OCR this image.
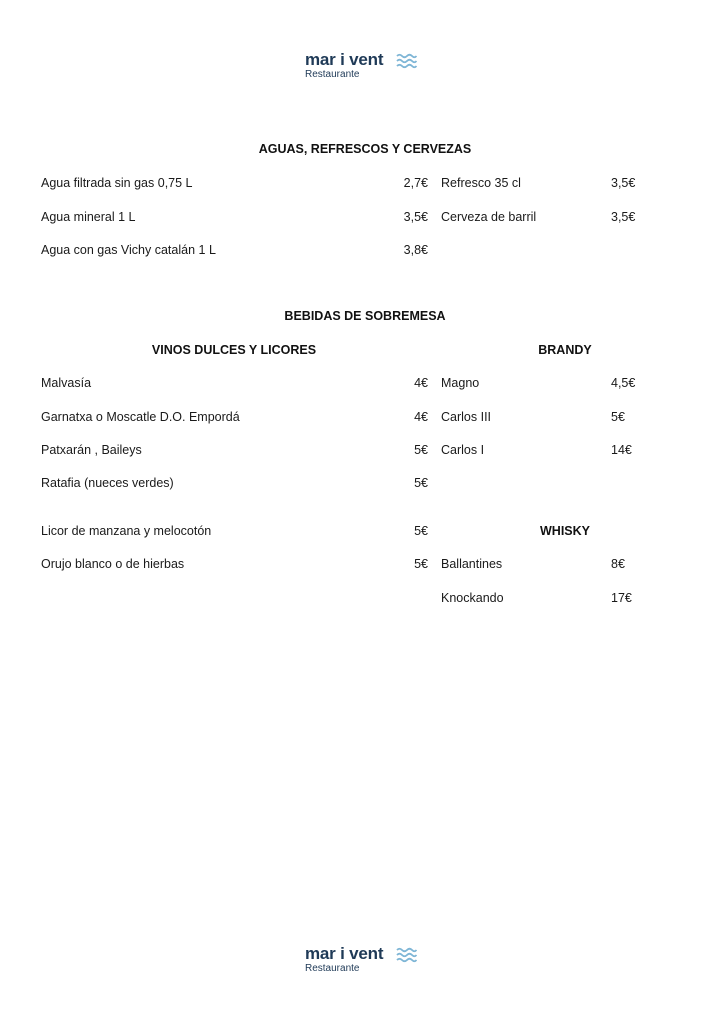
mar i vent
Restaurante
AGUAS, REFRESCOS Y CERVEZAS
Agua filtrada sin gas 0,75 L	2,7€
Agua mineral 1 L	3,5€
Agua con gas Vichy catalán 1 L	3,8€
Refresco 35 cl	3,5€
Cerveza de barril	3,5€
BEBIDAS DE SOBREMESA
VINOS DULCES Y LICORES	BRANDY
Malvasía	4€
Garnatxa o Moscatle D.O. Empordá	4€
Patxarán , Baileys	5€
Ratafia (nueces verdes)	5€
Licor de manzana y melocotón	5€
Orujo blanco o de hierbas	5€
Magno	4,5€
Carlos III	5€
Carlos I	14€
WHISKY
Ballantines	8€
Knockando	17€
mar i vent
Restaurante
